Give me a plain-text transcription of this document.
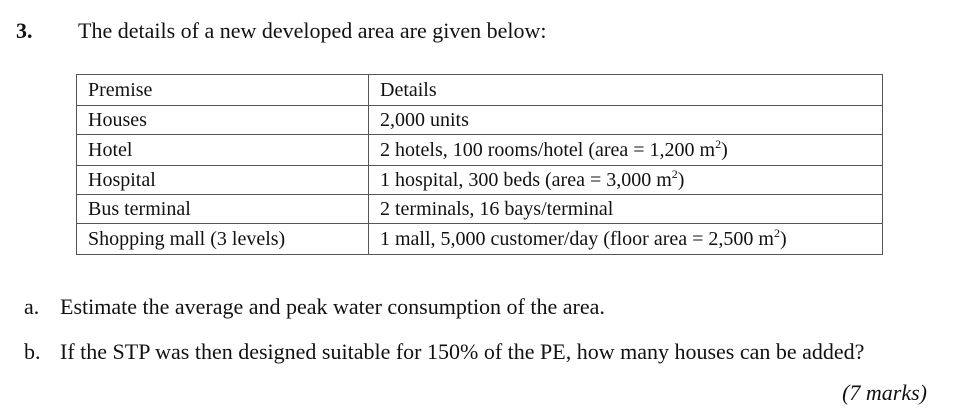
3. The details of a new developed area are given below:
Premise	Details
Houses	2,000 units
Hotel	2 hotels, 100 rooms/hotel (area = 1,200 $m^2$)
Hospital	1 hospital, 300 beds (area = 3,000 $m^2$)
Bus terminal	2 terminals, 16 bays/terminal
Shopping mall (3 levels)	1 mall, 5,000 customer/day (floor area = 2,500 $m^2$)
a. Estimate the average and peak water consumption of the area.
b. If the STP was then designed suitable for 150% of the PE, how many houses can be added?
(7 marks)
